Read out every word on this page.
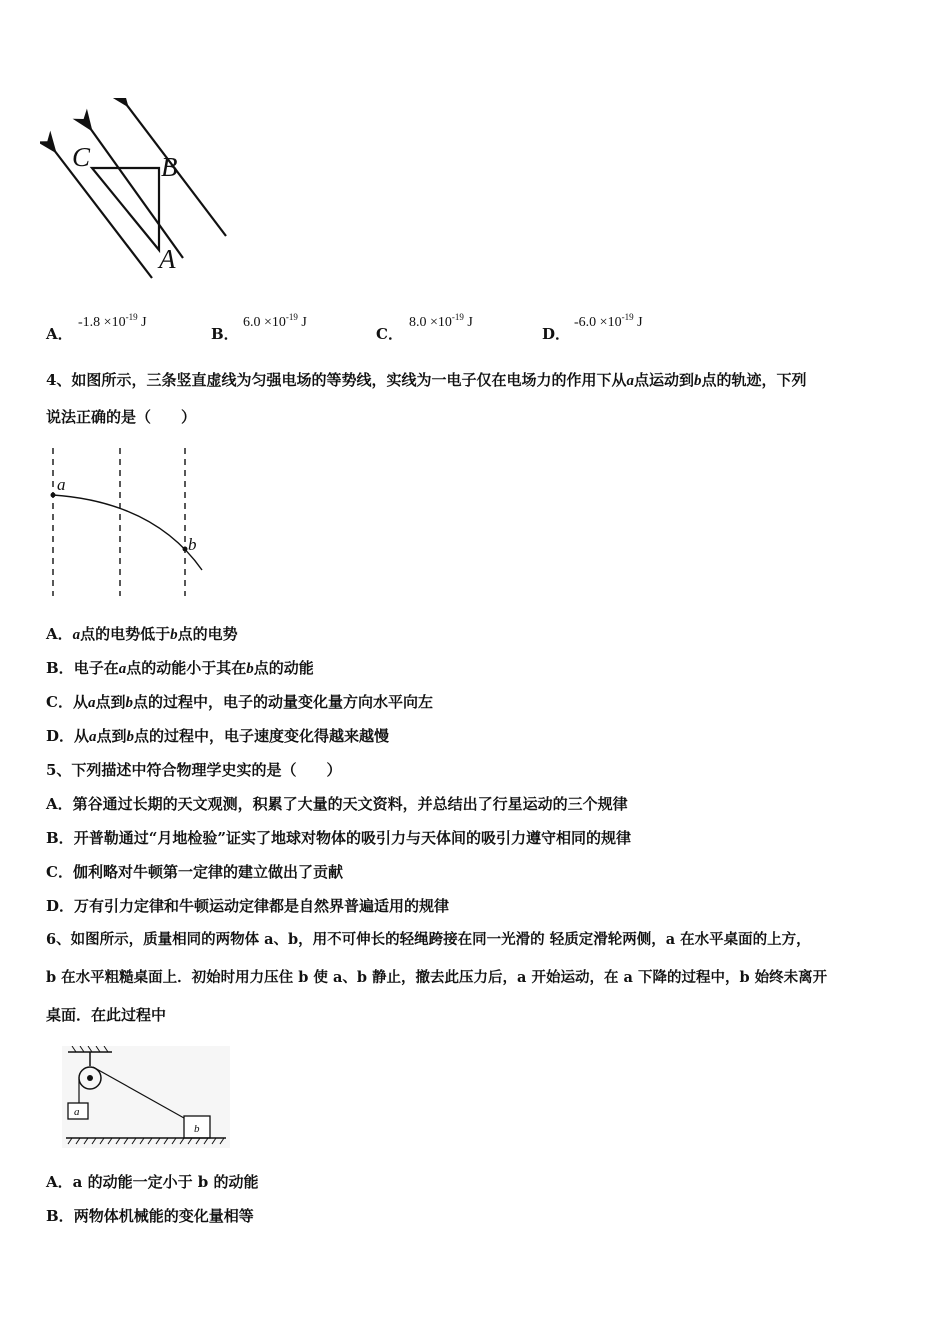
C	B
A
A．
$-1.8 \times 10^{-19}$ J
B．
$6.0 \times 10^{-19}$ J
C．
$8.0 \times 10^{-19}$ J
D．
$-6.0 \times 10^{-19}$ J
4、如图所示，三条竖直虚线为匀强电场的等势线，实线为一电子仅在电场力的作用下从a点运动到b点的轨迹，下列
说法正确的是（　　）
a
b
A．a点的电势低于b点的电势
B．电子在a点的动能小于其在b点的动能
C．从a点到b点的过程中，电子的动量变化量方向水平向左
D．从a点到b点的过程中，电子速度变化得越来越慢
5、下列描述中符合物理学史实的是（　　）
A．第谷通过长期的天文观测，积累了大量的天文资料，并总结出了行星运动的三个规律
B．开普勒通过“月地检验”证实了地球对物体的吸引力与天体间的吸引力遵守相同的规律
C．伽利略对牛顿第一定律的建立做出了贡献
D．万有引力定律和牛顿运动定律都是自然界普遍适用的规律
6、如图所示，质量相同的两物体 a、b，用不可伸长的轻绳跨接在同一光滑的 轻质定滑轮两侧，a 在水平桌面的上方，
b 在水平粗糙桌面上．初始时用力压住 b 使 a、b 静止，撤去此压力后，a 开始运动，在 a 下降的过程中，b 始终未离开
桌面．在此过程中
a
b
A．a 的动能一定小于 b 的动能
B．两物体机械能的变化量相等
